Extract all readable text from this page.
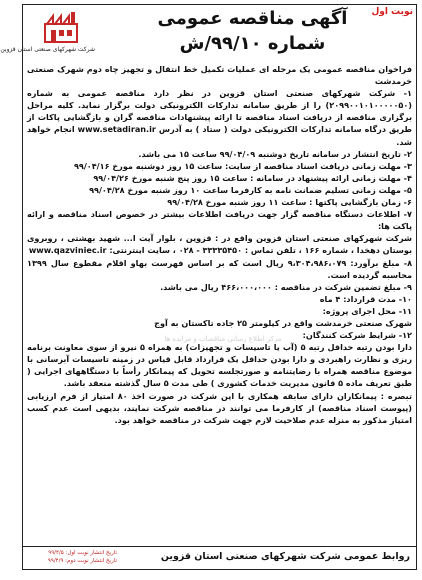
نوبت اول
شرکت شهرکهای صنعتی استان قزوین
آگهی مناقصه عمومی
شماره ۹۹/۱۰/ش

فراخوان مناقصه عمومی یک مرحله ای عملیات تکمیل خط انتقال و تجهیز چاه دوم شهرک صنعتی خرمدشت

۱- شرکت شهرکهای صنعتی استان قزوین در نظر دارد مناقصه عمومی به شماره (۲۰۹۹۰۰۱۰۱۰۰۰۰۰۵۰) را از طریق سامانه تدارکات الکترونیکی دولت برگزار نماید. کلیه مراحل برگزاری مناقصه از دریافت اسناد مناقصه تا ارائه پیشنهادات مناقصه گران و بازگشایی پاکات از طریق درگاه سامانه تدارکات الکترونیکی دولت ( ستاد ) به آدرس www.setadiran.ir انجام خواهد شد.

۲- تاریخ انتشار در سامانه تاریخ دوشنبه ۹۹/۰۴/۰۹ ساعت ۱۵ می باشد.

۳- مهلت زمانی دریافت اسناد مناقصه از سایت: ساعت ۱۵ روز دوشنبه مورخ ۹۹/۰۴/۱۶

۴- مهلت زمانی ارائه پیشنهاد در سامانه : ساعت ۱۵ روز پنج شنبه مورخ ۹۹/۰۴/۲۶

۵- مهلت زمانی تسلیم ضمانت نامه به کارفرما ساعت ۱۰ روز شنبه مورخ ۹۹/۰۴/۲۸

۶- زمان بازگشایی پاکتها : ساعت ۱۱ روز شنبه مورخ ۹۹/۰۴/۲۸

۷- اطلاعات دستگاه مناقصه گزار جهت دریافت اطلاعات بیشتر در خصوص اسناد مناقصه و ارائه پاکت ها:

شرکت شهرکهای صنعتی استان قزوین واقع در : قزوین ، بلوار آیت ا... شهید بهشتی ، روبروی بوستان دهخدا ، شماره ۱۶۶ ، تلفن تماس : ۳۳۳۳۵۴۵۰ - ۰۲۸ ، سایت اینترنتی: www.qazviniec.ir

۸- مبلغ برآورد: ۹،۳۰۴،۹۸۶،۰۷۹ ریال است که بر اساس فهرست بهاو اقلام مقطوع سال ۱۳۹۹ محاسبه گردیده است.

۹- مبلغ تضمین شرکت در مناقصه : ۴۶۶،۰۰۰،۰۰۰ ریال می باشد.

۱۰- مدت قرارداد: ۴ ماه

۱۱- محل اجرای پروژه:

شهرک صنعتی خرمدشت واقع در کیلومتر ۲۵ جاده تاکستان به آوج

۱۲- شرایط شرکت کنندگان:

دارا بودن رتبه حداقل رتبه ۵ (آب یا تاسیسات و تجهیزات) به همراه ۵ نیرو از سوی معاونت برنامه ریزی و نظارت راهبردی و دارا بودن حداقل یک قرارداد قابل قیاس در زمینه تاسیسات آبرسانی با موضوع مناقصه همراه با رضایتنامه و صورتجلسه تحویل که پیمانکار رأساً با دستگاههای اجرایی ( طبق تعریف ماده ۵ قانون مدیریت خدمات کشوری ) طی مدت ۵ سال گذشته منعقد باشد.

تبصره : پیمانکاران دارای سابقه همکاری با این شرکت در صورت اخذ ۸۰ امتیاز از فرم ارزیابی (پیوست اسناد مناقصه) از کارفرما می توانند در مناقصه شرکت نمایند، بدیهی است عدم کسب امتیاز مذکور به منزله عدم صلاحیت لازم جهت شرکت در مناقصه خواهد بود.

مرکز اطلاع رسانی مناقصات و مزایده ها
روابط عمومی شرکت شهرکهای صنعتی استان قزوین
تاریخ انتشار نوبت اول: ۹۹/۴/۵
تاریخ انتشار نوبت دوم: ۹۹/۴/۹
